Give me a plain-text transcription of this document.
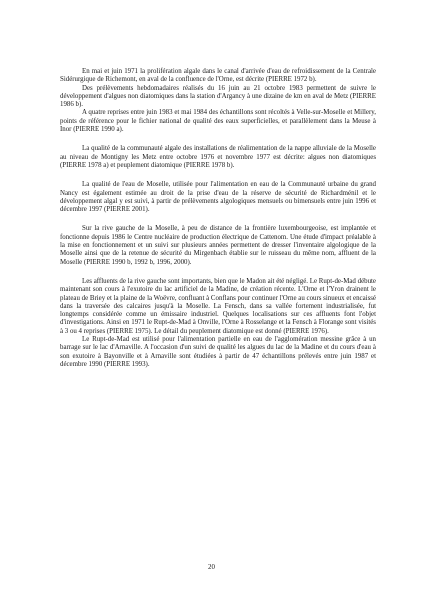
En mai et juin 1971 la prolifération algale dans le canal d'arrivée d'eau de refroidissement de la Centrale Sidérurgique de Richemont, en aval de la confluence de l'Orne, est décrite (PIERRE 1972 b).

Des prélèvements hebdomadaires réalisés du 16 juin au 21 octobre 1983 permettent de suivre le développement d'algues non diatomiques dans la station d'Argancy à une dizaine de km en aval de Metz (PIERRE 1986 b).

A quatre reprises entre juin 1983 et mai 1984 des échantillons sont récoltés à Velle-sur-Moselle et Millery, points de référence pour le fichier national de qualité des eaux superficielles, et parallèlement dans la Meuse à Inor (PIERRE 1990 a).

La qualité de la communauté algale des installations de réalimentation de la nappe alluviale de la Moselle au niveau de Montigny les Metz entre octobre 1976 et novembre 1977 est décrite: algues non diatomiques (PIERRE 1978 a) et peuplement diatomique (PIERRE 1978 b).

La qualité de l'eau de Moselle, utilisée pour l'alimentation en eau de la Communauté urbaine du grand Nancy est également estimée au droit de la prise d'eau de la réserve de sécurité de Richardménil et le développement algal y est suivi, à partir de prélèvements algologiques mensuels ou bimensuels entre juin 1996 et décembre 1997 (PIERRE 2001).

Sur la rive gauche de la Moselle, à peu de distance de la frontière luxembourgeoise, est implantée et fonctionne depuis 1986 le Centre nucléaire de production électrique de Cattenom. Une étude d'impact préalable à la mise en fonctionnement et un suivi sur plusieurs années permettent de dresser l'inventaire algologique de la Moselle ainsi que de la retenue de sécurité du Mirgenbach établie sur le ruisseau du même nom, affluent de la Moselle (PIERRE 1990 b, 1992 b, 1996, 2000).

Les affluents de la rive gauche sont importants, bien que le Madon ait été négligé. Le Rupt-de-Mad débute maintenant son cours à l'exutoire du lac artificiel de la Madine, de création récente. L'Orne et l'Yron drainent le plateau de Briey et la plaine de la Woëvre, confluant à Conflans pour continuer l'Orne au cours sinueux et encaissé dans la traversée des calcaires jusqu'à la Moselle. La Fensch, dans sa vallée fortement industrialisée, fut longtemps considérée comme un émissaire industriel. Quelques localisations sur ces affluents font l'objet d'investigations. Ainsi en 1971 le Rupt-de-Mad à Onville, l'Orne à Rosselange et la Fensch à Florange sont visités à 3 ou 4 reprises (PIERRE 1975). Le détail du peuplement diatomique est donné (PIERRE 1976).

Le Rupt-de-Mad est utilisé pour l'alimentation partielle en eau de l'agglomération messine grâce à un barrage sur le lac d'Arnaville. A l'occasion d'un suivi de qualité les algues du lac de la Madine et du cours d'eau à son exutoire à Bayonville et à Arnaville sont étudiées à partir de 47 échantillons prélevés entre juin 1987 et décembre 1990 (PIERRE 1993).

20
